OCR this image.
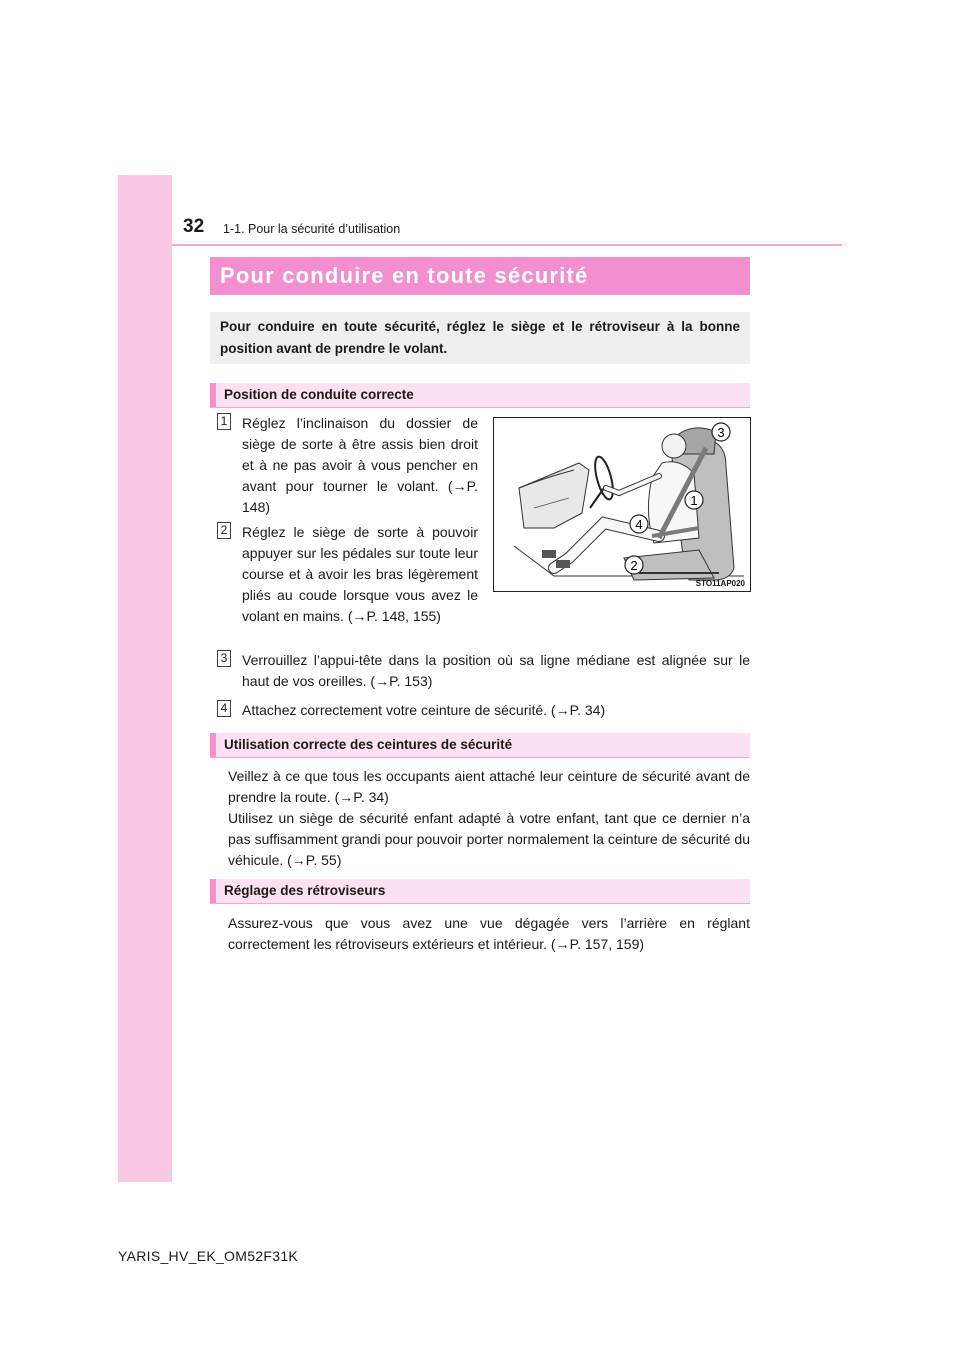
32 1-1. Pour la sécurité d’utilisation
Pour conduire en toute sécurité
Pour conduire en toute sécurité, réglez le siège et le rétroviseur à la bonne position avant de prendre le volant.
Position de conduite correcte
1 Réglez l’inclinaison du dossier de siège de sorte à être assis bien droit et à ne pas avoir à vous pencher en avant pour tourner le volant. (→P. 148)
2 Réglez le siège de sorte à pouvoir appuyer sur les pédales sur toute leur course et à avoir les bras légèrement pliés au coude lorsque vous avez le volant en mains. (→P. 148, 155)
3
1
4
2
STO11AP020
3 Verrouillez l’appui-tête dans la position où sa ligne médiane est alignée sur le haut de vos oreilles. (→P. 153)
4 Attachez correctement votre ceinture de sécurité. (→P. 34)
Utilisation correcte des ceintures de sécurité
Veillez à ce que tous les occupants aient attaché leur ceinture de sécurité avant de prendre la route. (→P. 34)
Utilisez un siège de sécurité enfant adapté à votre enfant, tant que ce dernier n’a pas suffisamment grandi pour pouvoir porter normalement la ceinture de sécurité du véhicule. (→P. 55)
Réglage des rétroviseurs
Assurez-vous que vous avez une vue dégagée vers l’arrière en réglant correctement les rétroviseurs extérieurs et intérieur. (→P. 157, 159)
YARIS_HV_EK_OM52F31K
